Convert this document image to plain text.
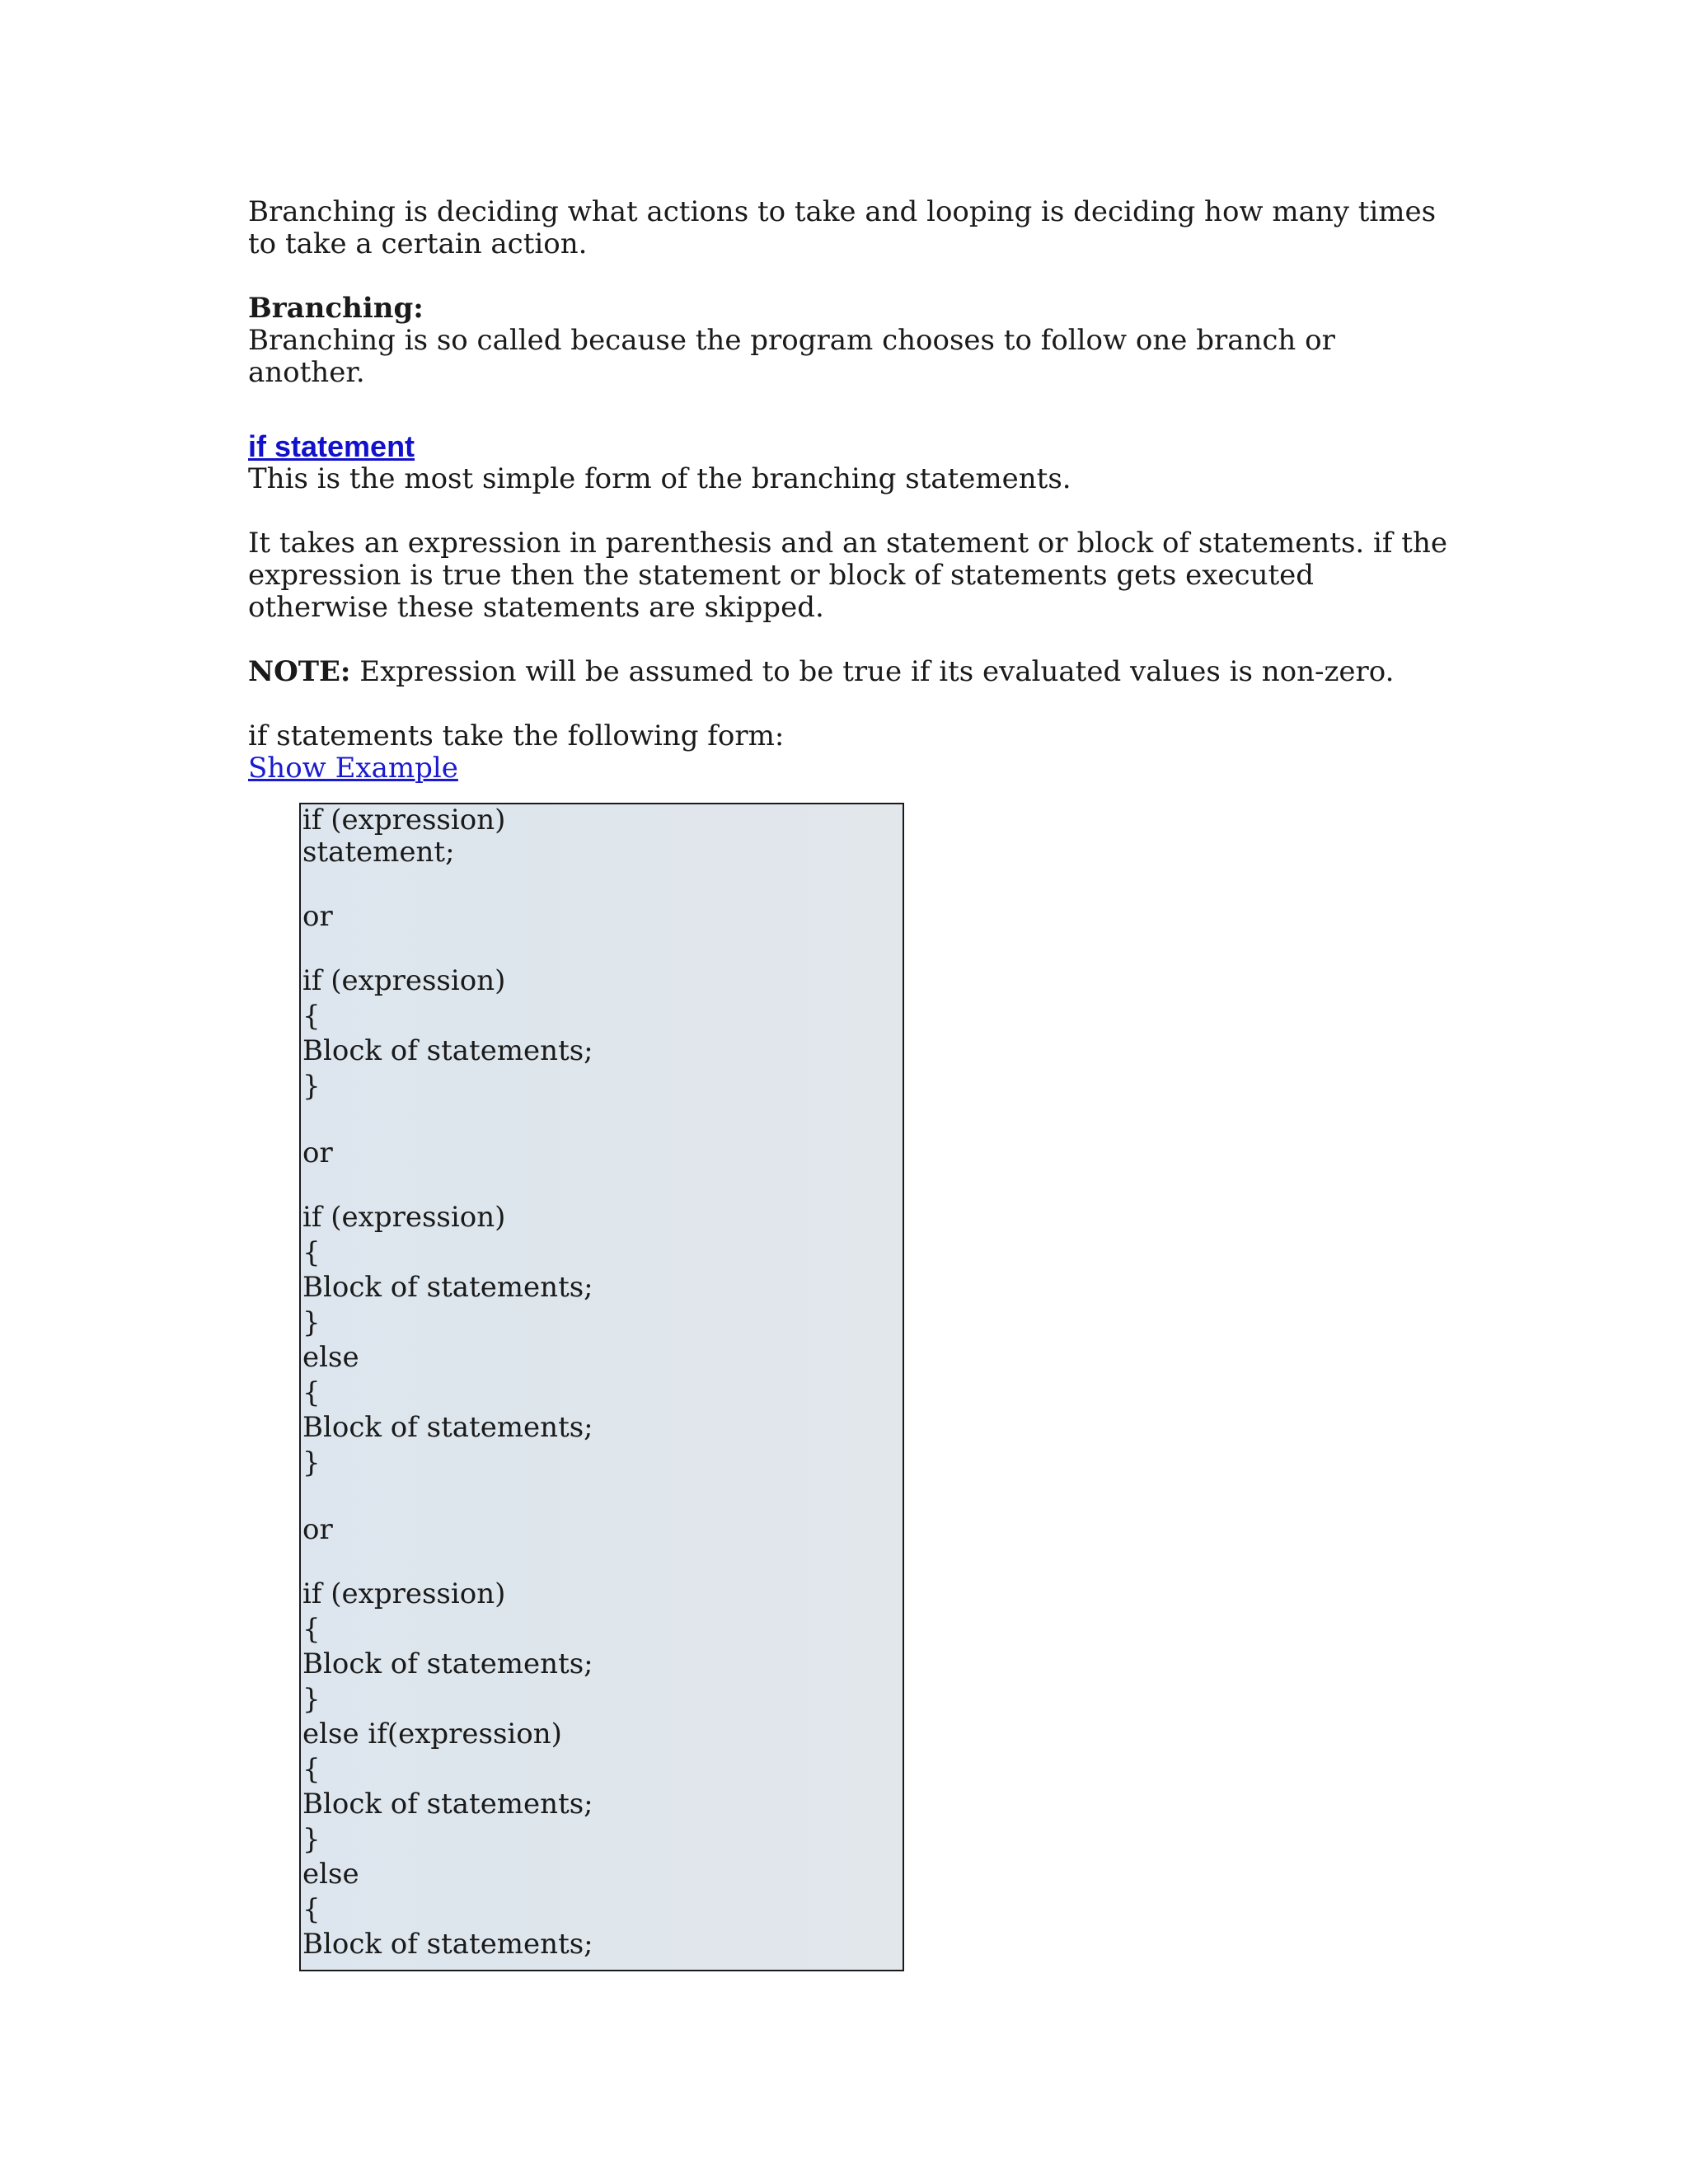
Branching is deciding what actions to take and looping is deciding how many times to take a certain action.

Branching:
Branching is so called because the program chooses to follow one branch or another.

if statement

This is the most simple form of the branching statements.

It takes an expression in parenthesis and an statement or block of statements. if the expression is true then the statement or block of statements gets executed otherwise these statements are skipped.

NOTE: Expression will be assumed to be true if its evaluated values is non-zero.

if statements take the following form:

Show Example

if (expression)
statement;
or
if (expression)
{
Block of statements;
}
or
if (expression)
{
Block of statements;
}
else
{
Block of statements;
}
or
if (expression)
{
Block of statements;
}
else if(expression)
{
Block of statements;
}
else
{
Block of statements;
